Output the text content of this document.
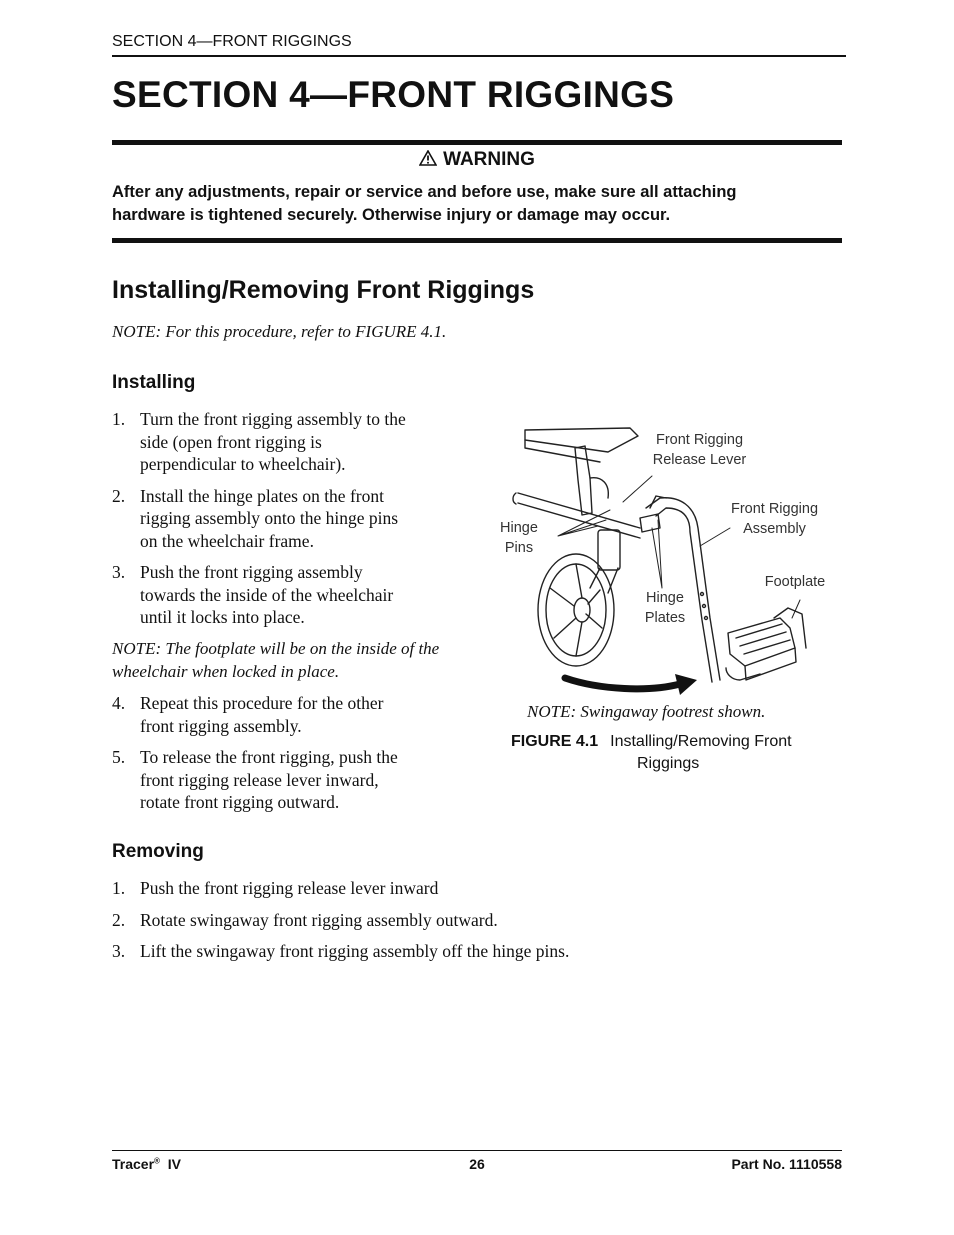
SECTION 4—FRONT RIGGINGS
SECTION 4—FRONT RIGGINGS
WARNING
After any adjustments, repair or service and before use, make sure all attaching
hardware is tightened securely. Otherwise injury or damage may occur.
Installing/Removing Front Riggings
NOTE: For this procedure, refer to FIGURE 4.1.
Installing
1. Turn the front rigging assembly to the
side (open front rigging is
perpendicular to wheelchair).
2. Install the hinge plates on the front
rigging assembly onto the hinge pins
on the wheelchair frame.
3. Push the front rigging assembly
towards the inside of the wheelchair
until it locks into place.
NOTE: The footplate will be on the inside of the
wheelchair when locked in place.
4. Repeat this procedure for the other
front rigging assembly.
5. To release the front rigging, push the
front rigging release lever inward,
rotate front rigging outward.
Removing
1. Push the front rigging release lever inward
2. Rotate swingaway front rigging assembly outward.
3. Lift the swingaway front rigging assembly off the hinge pins.
Front Rigging
Release Lever
Front Rigging
Assembly
Hinge
Pins
Footplate
Hinge
Plates
NOTE: Swingaway footrest shown.
FIGURE 4.1 Installing/Removing Front
Riggings
Tracer® IV	26	Part No. 1110558
